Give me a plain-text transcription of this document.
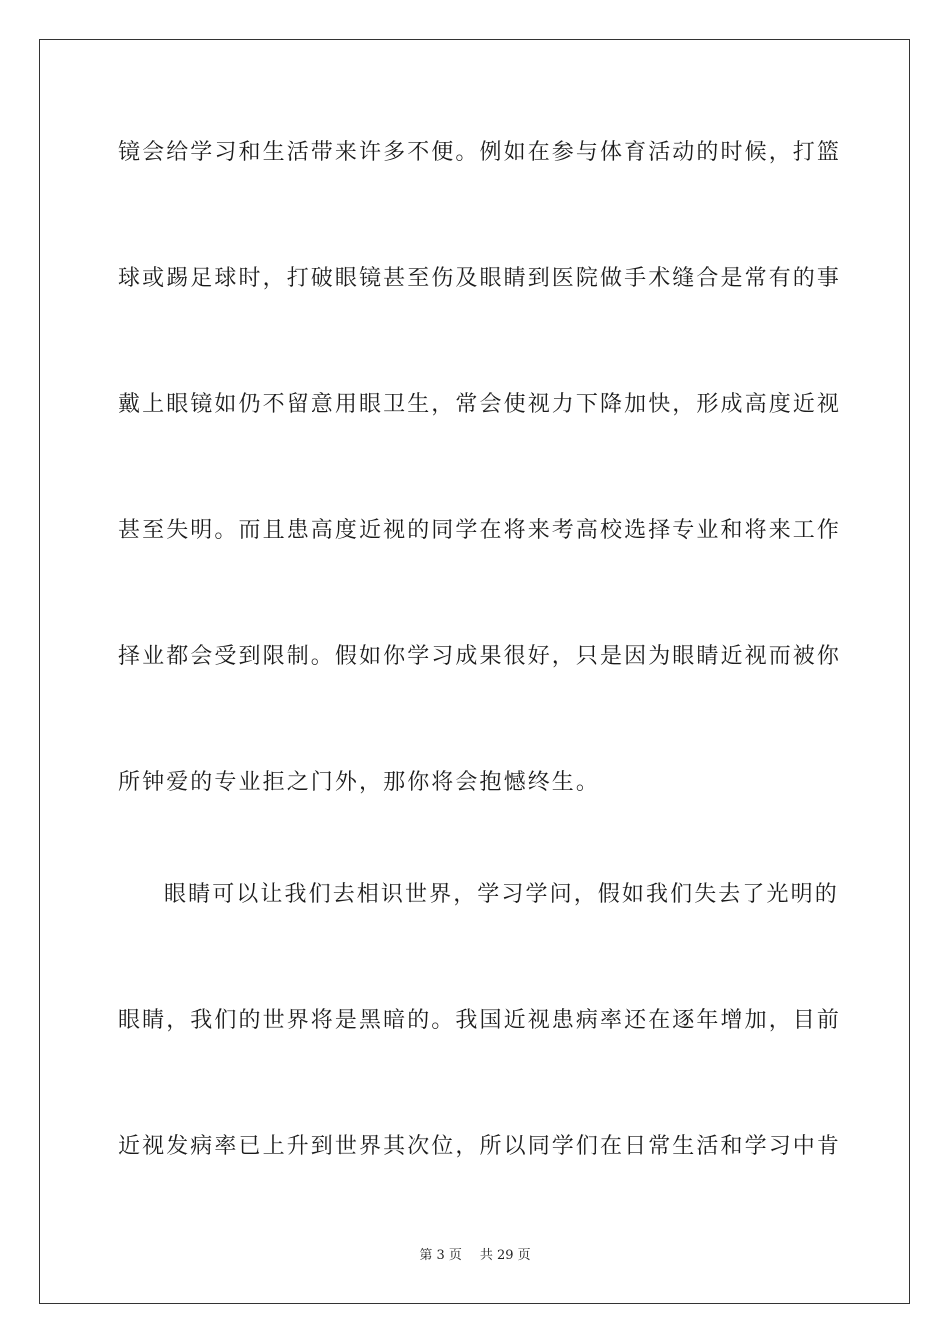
镜会给学习和生活带来许多不便。例如在参与体育活动的时候，打篮
球或踢足球时，打破眼镜甚至伤及眼睛到医院做手术缝合是常有的事
戴上眼镜如仍不留意用眼卫生，常会使视力下降加快，形成高度近视
甚至失明。而且患高度近视的同学在将来考高校选择专业和将来工作
择业都会受到限制。假如你学习成果很好，只是因为眼睛近视而被你
所钟爱的专业拒之门外，那你将会抱憾终生。
眼睛可以让我们去相识世界，学习学问，假如我们失去了光明的
眼睛，我们的世界将是黑暗的。我国近视患病率还在逐年增加，目前
近视发病率已上升到世界其次位，所以同学们在日常生活和学习中肯
第 3 页 共 29 页
